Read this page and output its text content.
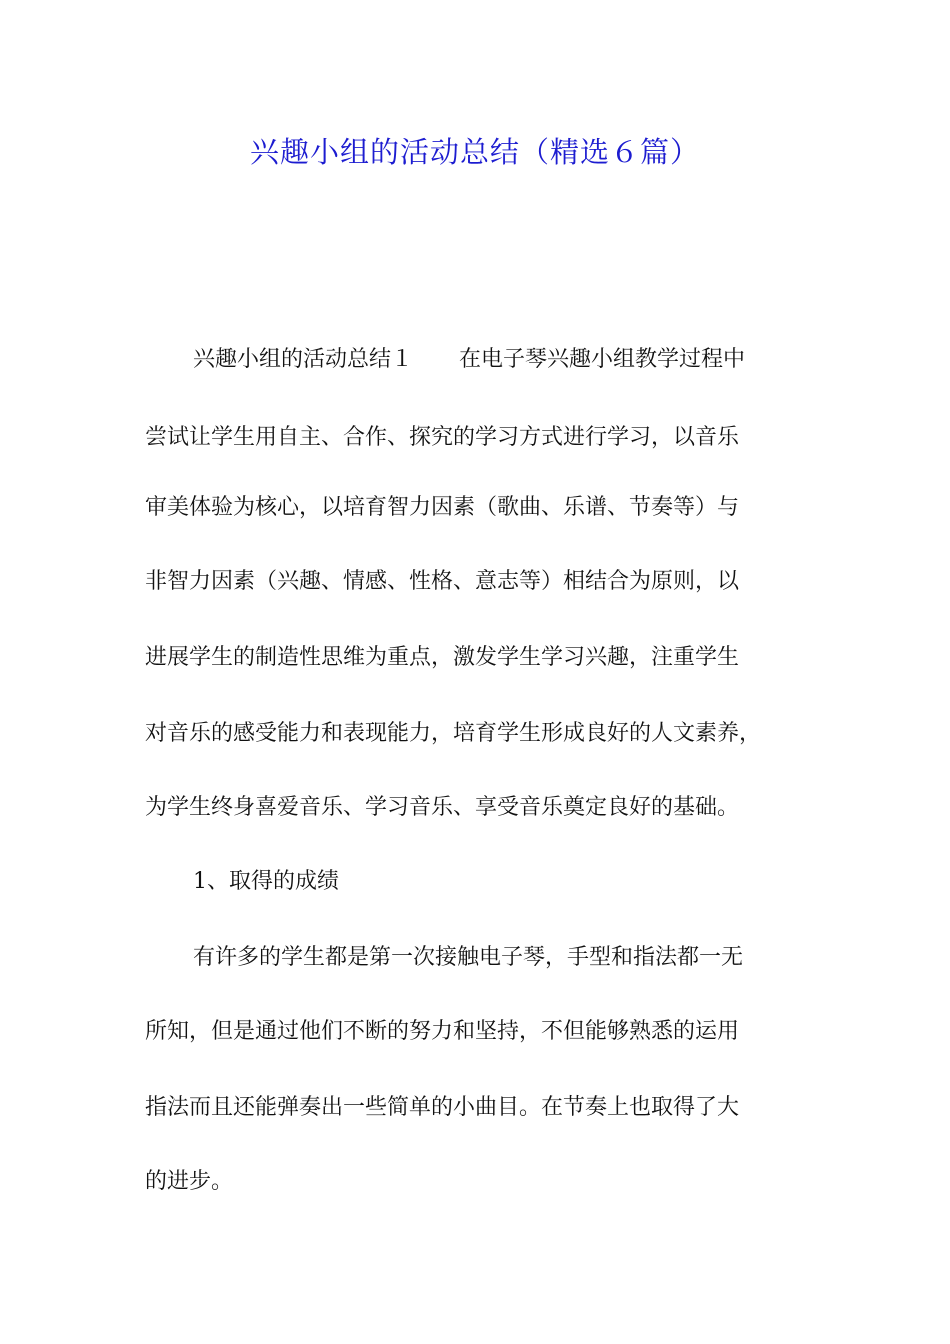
兴趣小组的活动总结（精选６篇）
兴趣小组的活动总结１ 在电子琴兴趣小组教学过程中
尝试让学生用自主、合作、探究的学习方式进行学习，以音乐
审美体验为核心，以培育智力因素（歌曲、乐谱、节奏等）与
非智力因素（兴趣、情感、性格、意志等）相结合为原则，以
进展学生的制造性思维为重点，激发学生学习兴趣，注重学生
对音乐的感受能力和表现能力，培育学生形成良好的人文素养，
为学生终身喜爱音乐、学习音乐、享受音乐奠定良好的基础。
1、取得的成绩
有许多的学生都是第一次接触电子琴，手型和指法都一无
所知，但是通过他们不断的努力和坚持，不但能够熟悉的运用
指法而且还能弹奏出一些简单的小曲目。在节奏上也取得了大
的进步。
